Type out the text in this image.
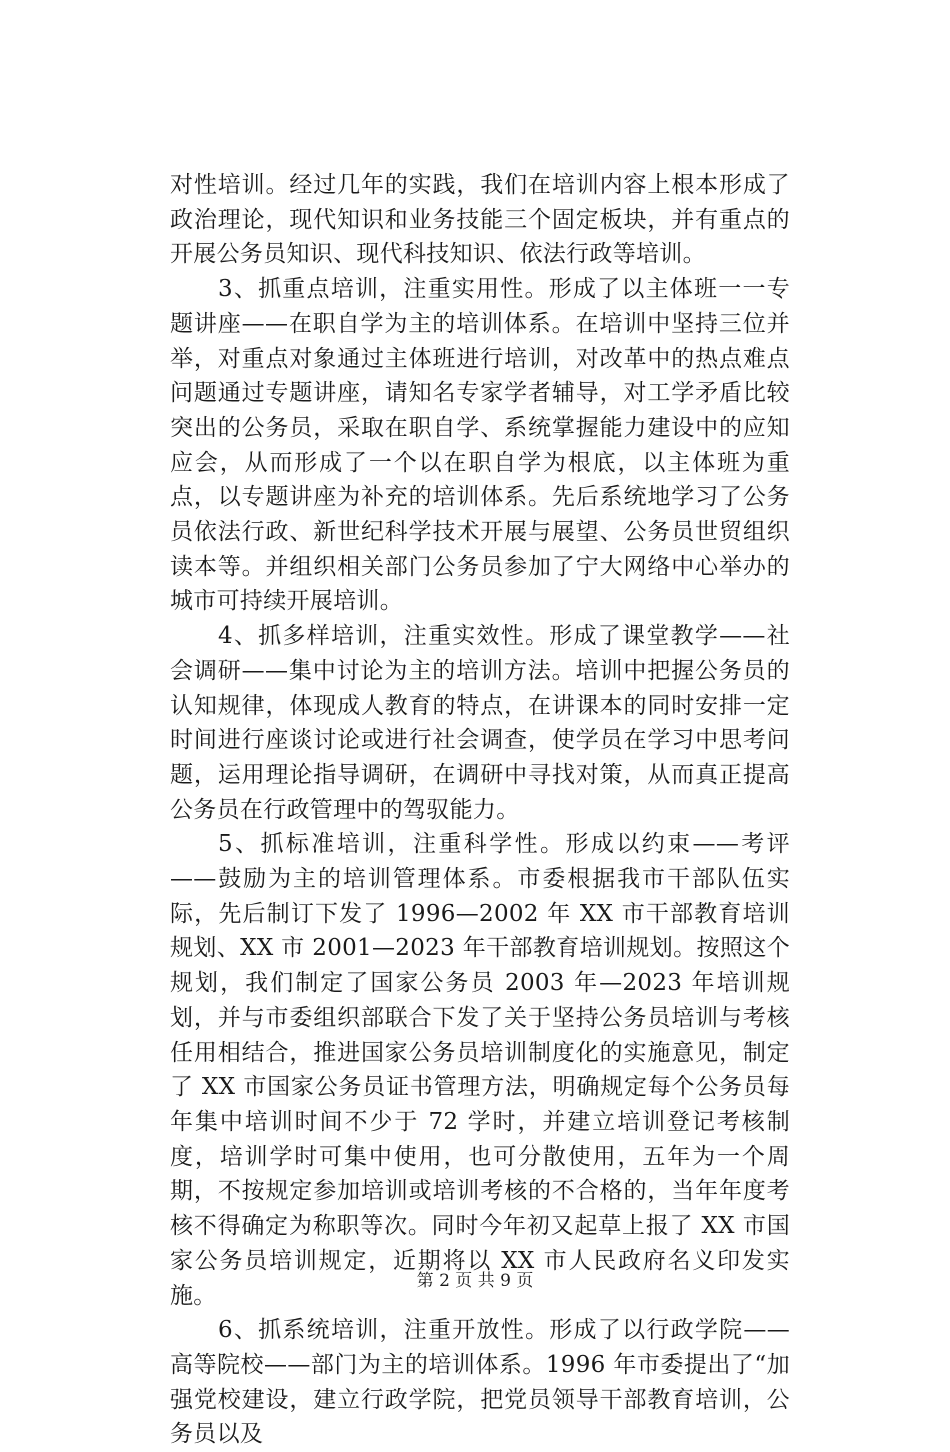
对性培训。经过几年的实践，我们在培训内容上根本形成了政治理论，现代知识和业务技能三个固定板块，并有重点的开展公务员知识、现代科技知识、依法行政等培训。

3、抓重点培训，注重实用性。形成了以主体班一一专题讲座——在职自学为主的培训体系。在培训中坚持三位并举，对重点对象通过主体班进行培训，对改革中的热点难点问题通过专题讲座，请知名专家学者辅导，对工学矛盾比较突出的公务员，采取在职自学、系统掌握能力建设中的应知应会，从而形成了一个以在职自学为根底，以主体班为重点，以专题讲座为补充的培训体系。先后系统地学习了公务员依法行政、新世纪科学技术开展与展望、公务员世贸组织读本等。并组织相关部门公务员参加了宁大网络中心举办的城市可持续开展培训。

4、抓多样培训，注重实效性。形成了课堂教学——社会调研——集中讨论为主的培训方法。培训中把握公务员的认知规律，体现成人教育的特点，在讲课本的同时安排一定时间进行座谈讨论或进行社会调查，使学员在学习中思考问题，运用理论指导调研，在调研中寻找对策，从而真正提高公务员在行政管理中的驾驭能力。

5、抓标准培训，注重科学性。形成以约束——考评——鼓励为主的培训管理体系。市委根据我市干部队伍实际，先后制订下发了 1996—2002 年 XX 市干部教育培训规划、XX 市 2001—2023 年干部教育培训规划。按照这个规划，我们制定了国家公务员 2003 年—2023 年培训规划，并与市委组织部联合下发了关于坚持公务员培训与考核任用相结合，推进国家公务员培训制度化的实施意见，制定了 XX 市国家公务员证书管理方法，明确规定每个公务员每年集中培训时间不少于 72 学时，并建立培训登记考核制度，培训学时可集中使用，也可分散使用，五年为一个周期，不按规定参加培训或培训考核的不合格的，当年年度考核不得确定为称职等次。同时今年初又起草上报了 XX 市国家公务员培训规定，近期将以 XX 市人民政府名义印发实施。

6、抓系统培训，注重开放性。形成了以行政学院——高等院校——部门为主的培训体系。1996 年市委提出了“加强党校建设，建立行政学院，把党员领导干部教育培训，公务员以及

第 2 页 共 9 页
